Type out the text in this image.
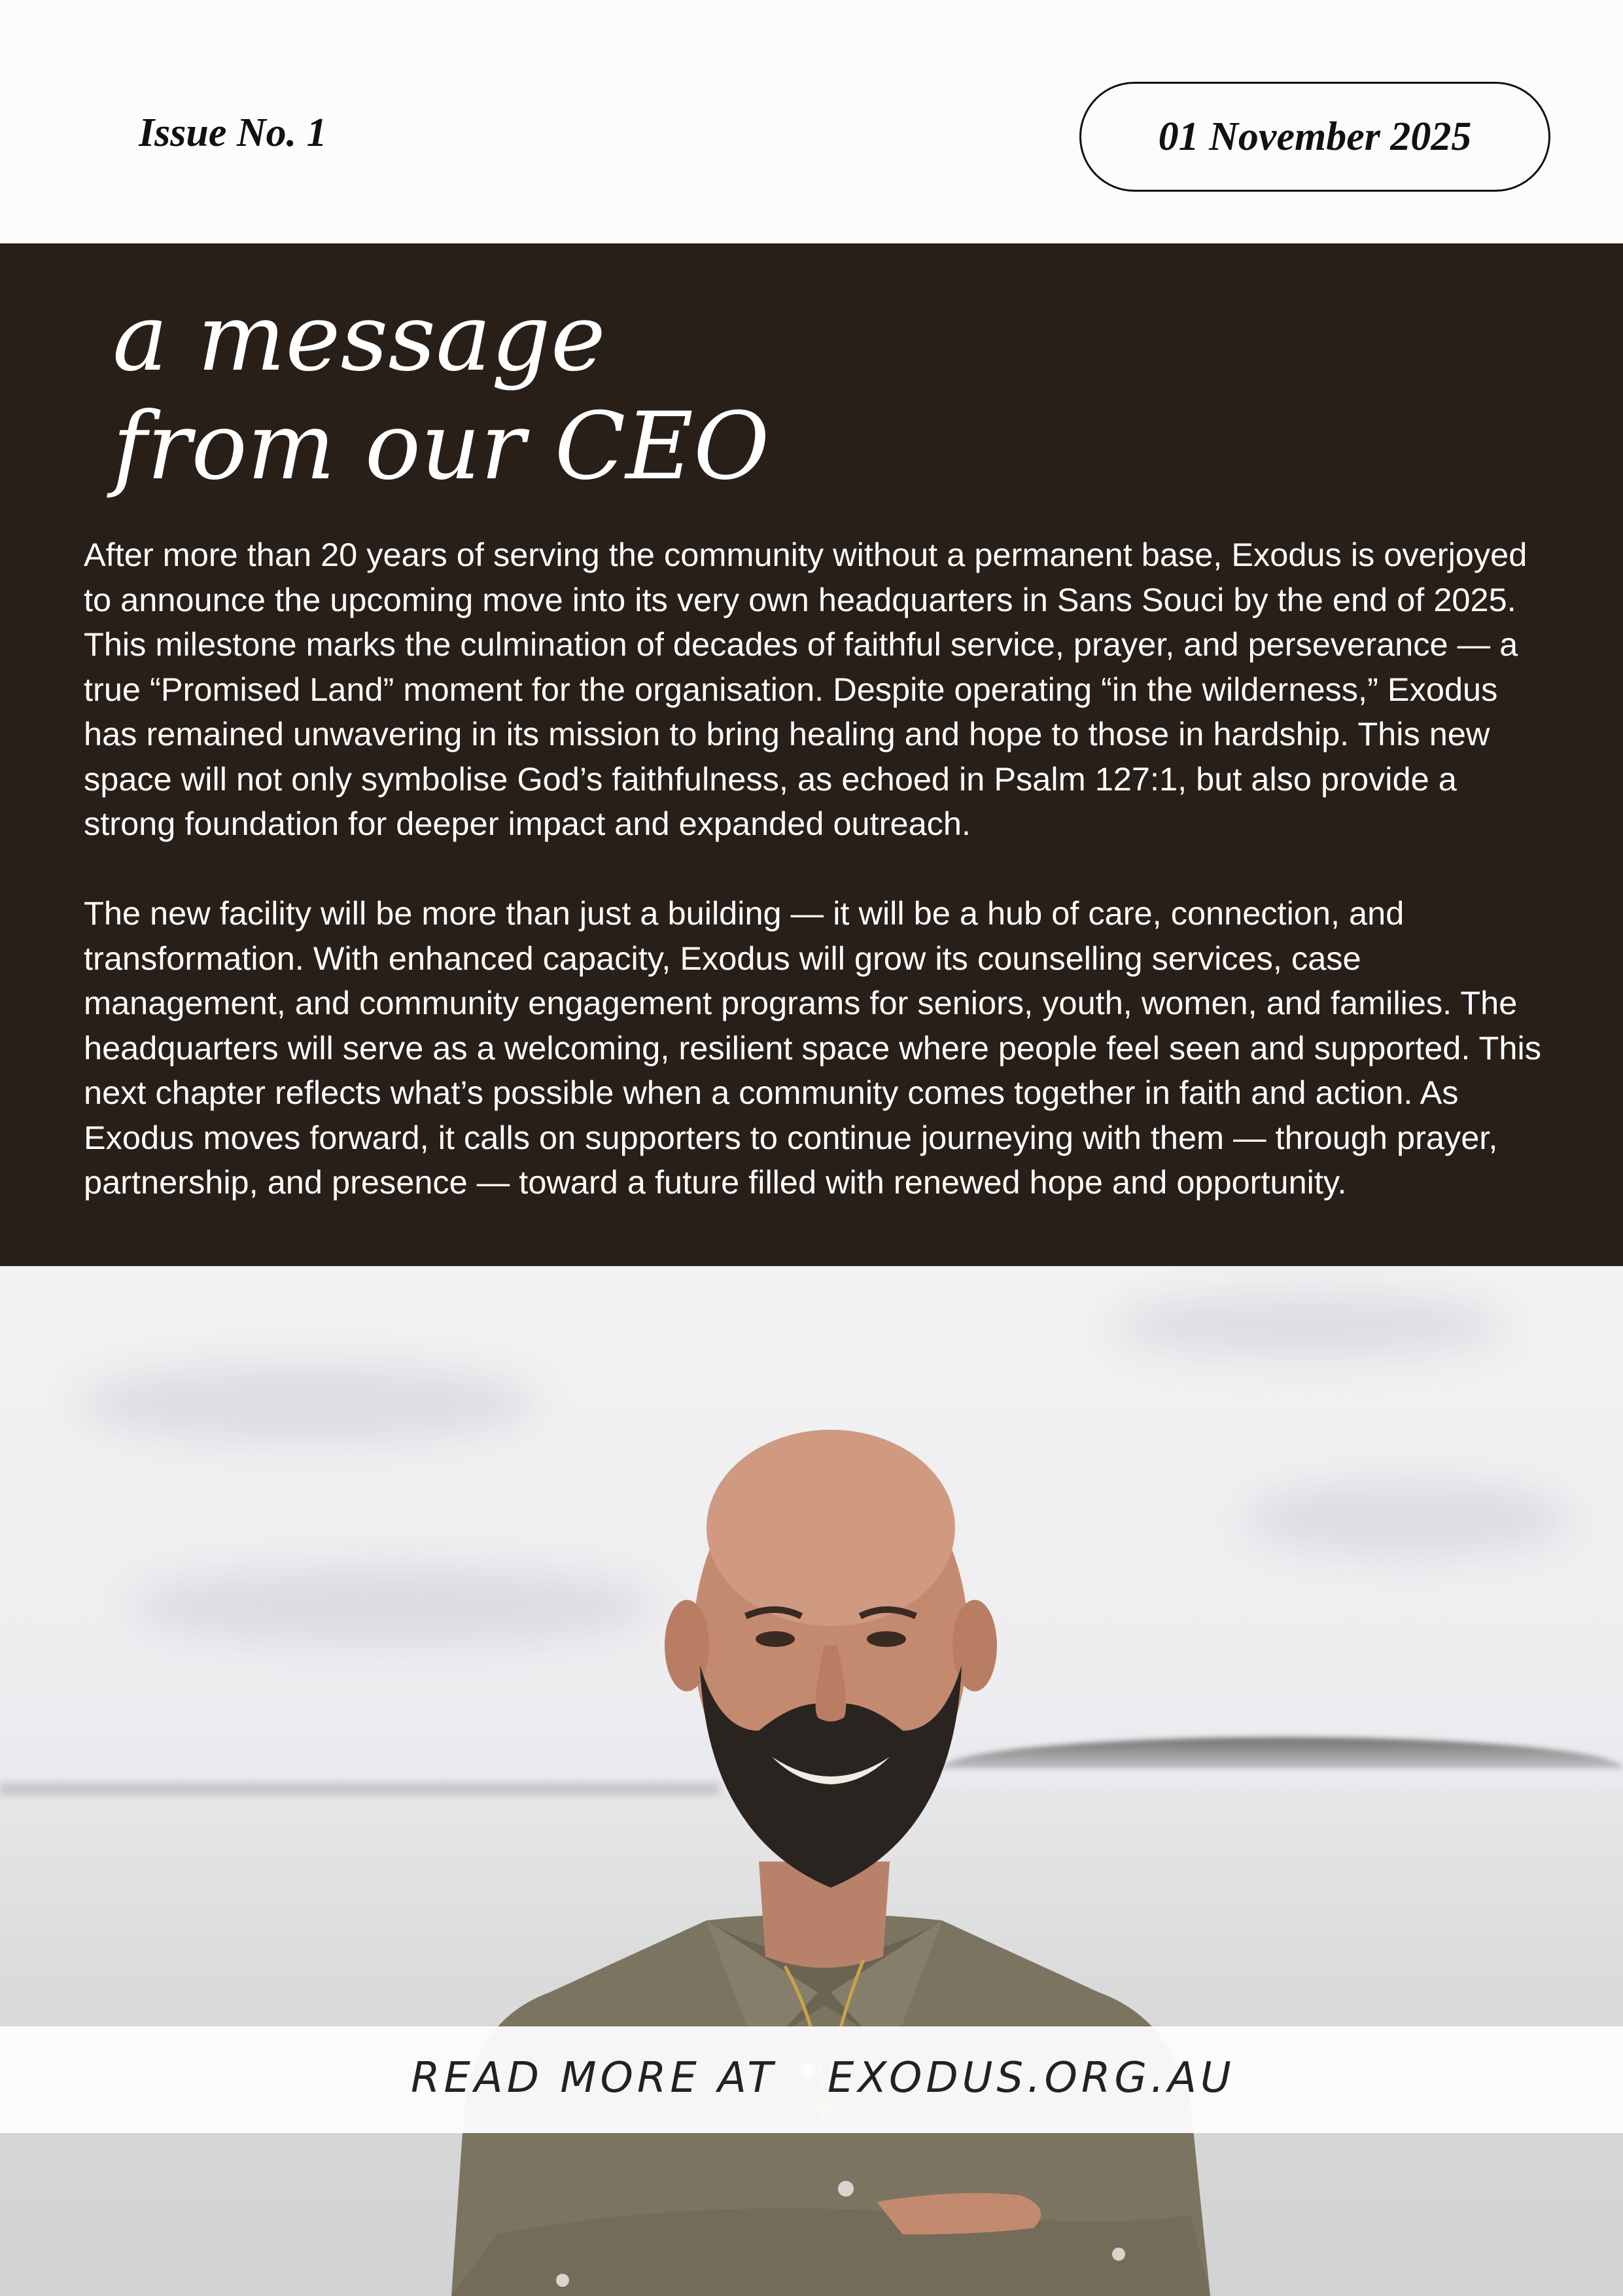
Issue No. 1	01 November 2025
a message
from our CEO

After more than 20 years of serving the community without a permanent base, Exodus is overjoyed to announce the upcoming move into its very own headquarters in Sans Souci by the end of 2025. This milestone marks the culmination of decades of faithful service, prayer, and perseverance — a true “Promised Land” moment for the organisation. Despite operating “in the wilderness,” Exodus has remained unwavering in its mission to bring healing and hope to those in hardship. This new space will not only symbolise God’s faithfulness, as echoed in Psalm 127:1, but also provide a strong foundation for deeper impact and expanded outreach.

The new facility will be more than just a building — it will be a hub of care, connection, and transformation. With enhanced capacity, Exodus will grow its counselling services, case management, and community engagement programs for seniors, youth, women, and families. The headquarters will serve as a welcoming, resilient space where people feel seen and supported. This next chapter reflects what’s possible when a community comes together in faith and action. As Exodus moves forward, it calls on supporters to continue journeying with them — through prayer, partnership, and presence — toward a future filled with renewed hope and opportunity.

READ MORE AT EXODUS.ORG.AU
